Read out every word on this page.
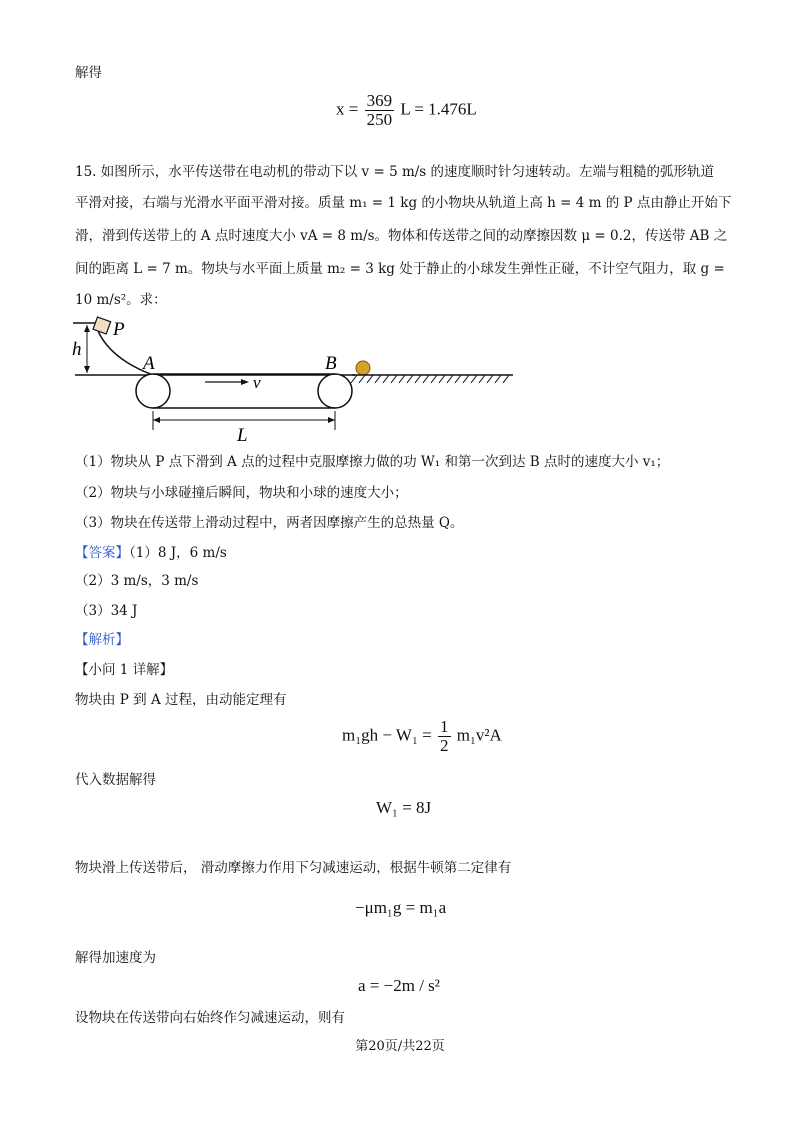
解得
$x = \frac{369}{250}$ L = 1.476L
15. 如图所示，水平传送带在电动机的带动下以 v = 5 m/s 的速度顺时针匀速转动。左端与粗糙的弧形轨道
平滑对接，右端与光滑水平面平滑对接。质量 m₁ = 1 kg 的小物块从轨道上高 h = 4 m 的 P 点由静止开始下
滑，滑到传送带上的 A 点时速度大小 vA = 8 m/s。物体和传送带之间的动摩擦因数 μ = 0.2，传送带 AB 之
间的距离 L = 7 m。物块与水平面上质量 m₂ = 3 kg 处于静止的小球发生弹性正碰，不计空气阻力，取 g =
10 m/s²。求：
h
P
A	B
v
L
（1）物块从 P 点下滑到 A 点的过程中克服摩擦力做的功 W₁ 和第一次到达 B 点时的速度大小 v₁；
（2）物块与小球碰撞后瞬间，物块和小球的速度大小；
（3）物块在传送带上滑动过程中，两者因摩擦产生的总热量 Q。
【答案】（1）8 J，6 m/s
（2）3 m/s，3 m/s
（3）34 J
【解析】
【小问 1 详解】
物块由 P 到 A 过程，由动能定理有
$m_1gh - W_1 = \frac{1}{2} m_1v^2A$
代入数据解得
W₁ = 8J
物块滑上传送带后， 滑动摩擦力作用下匀减速运动，根据牛顿第二定律有
−μm₁g = m₁a
解得加速度为
a = −2m / s²
设物块在传送带向右始终作匀减速运动，则有
第20页/共22页
